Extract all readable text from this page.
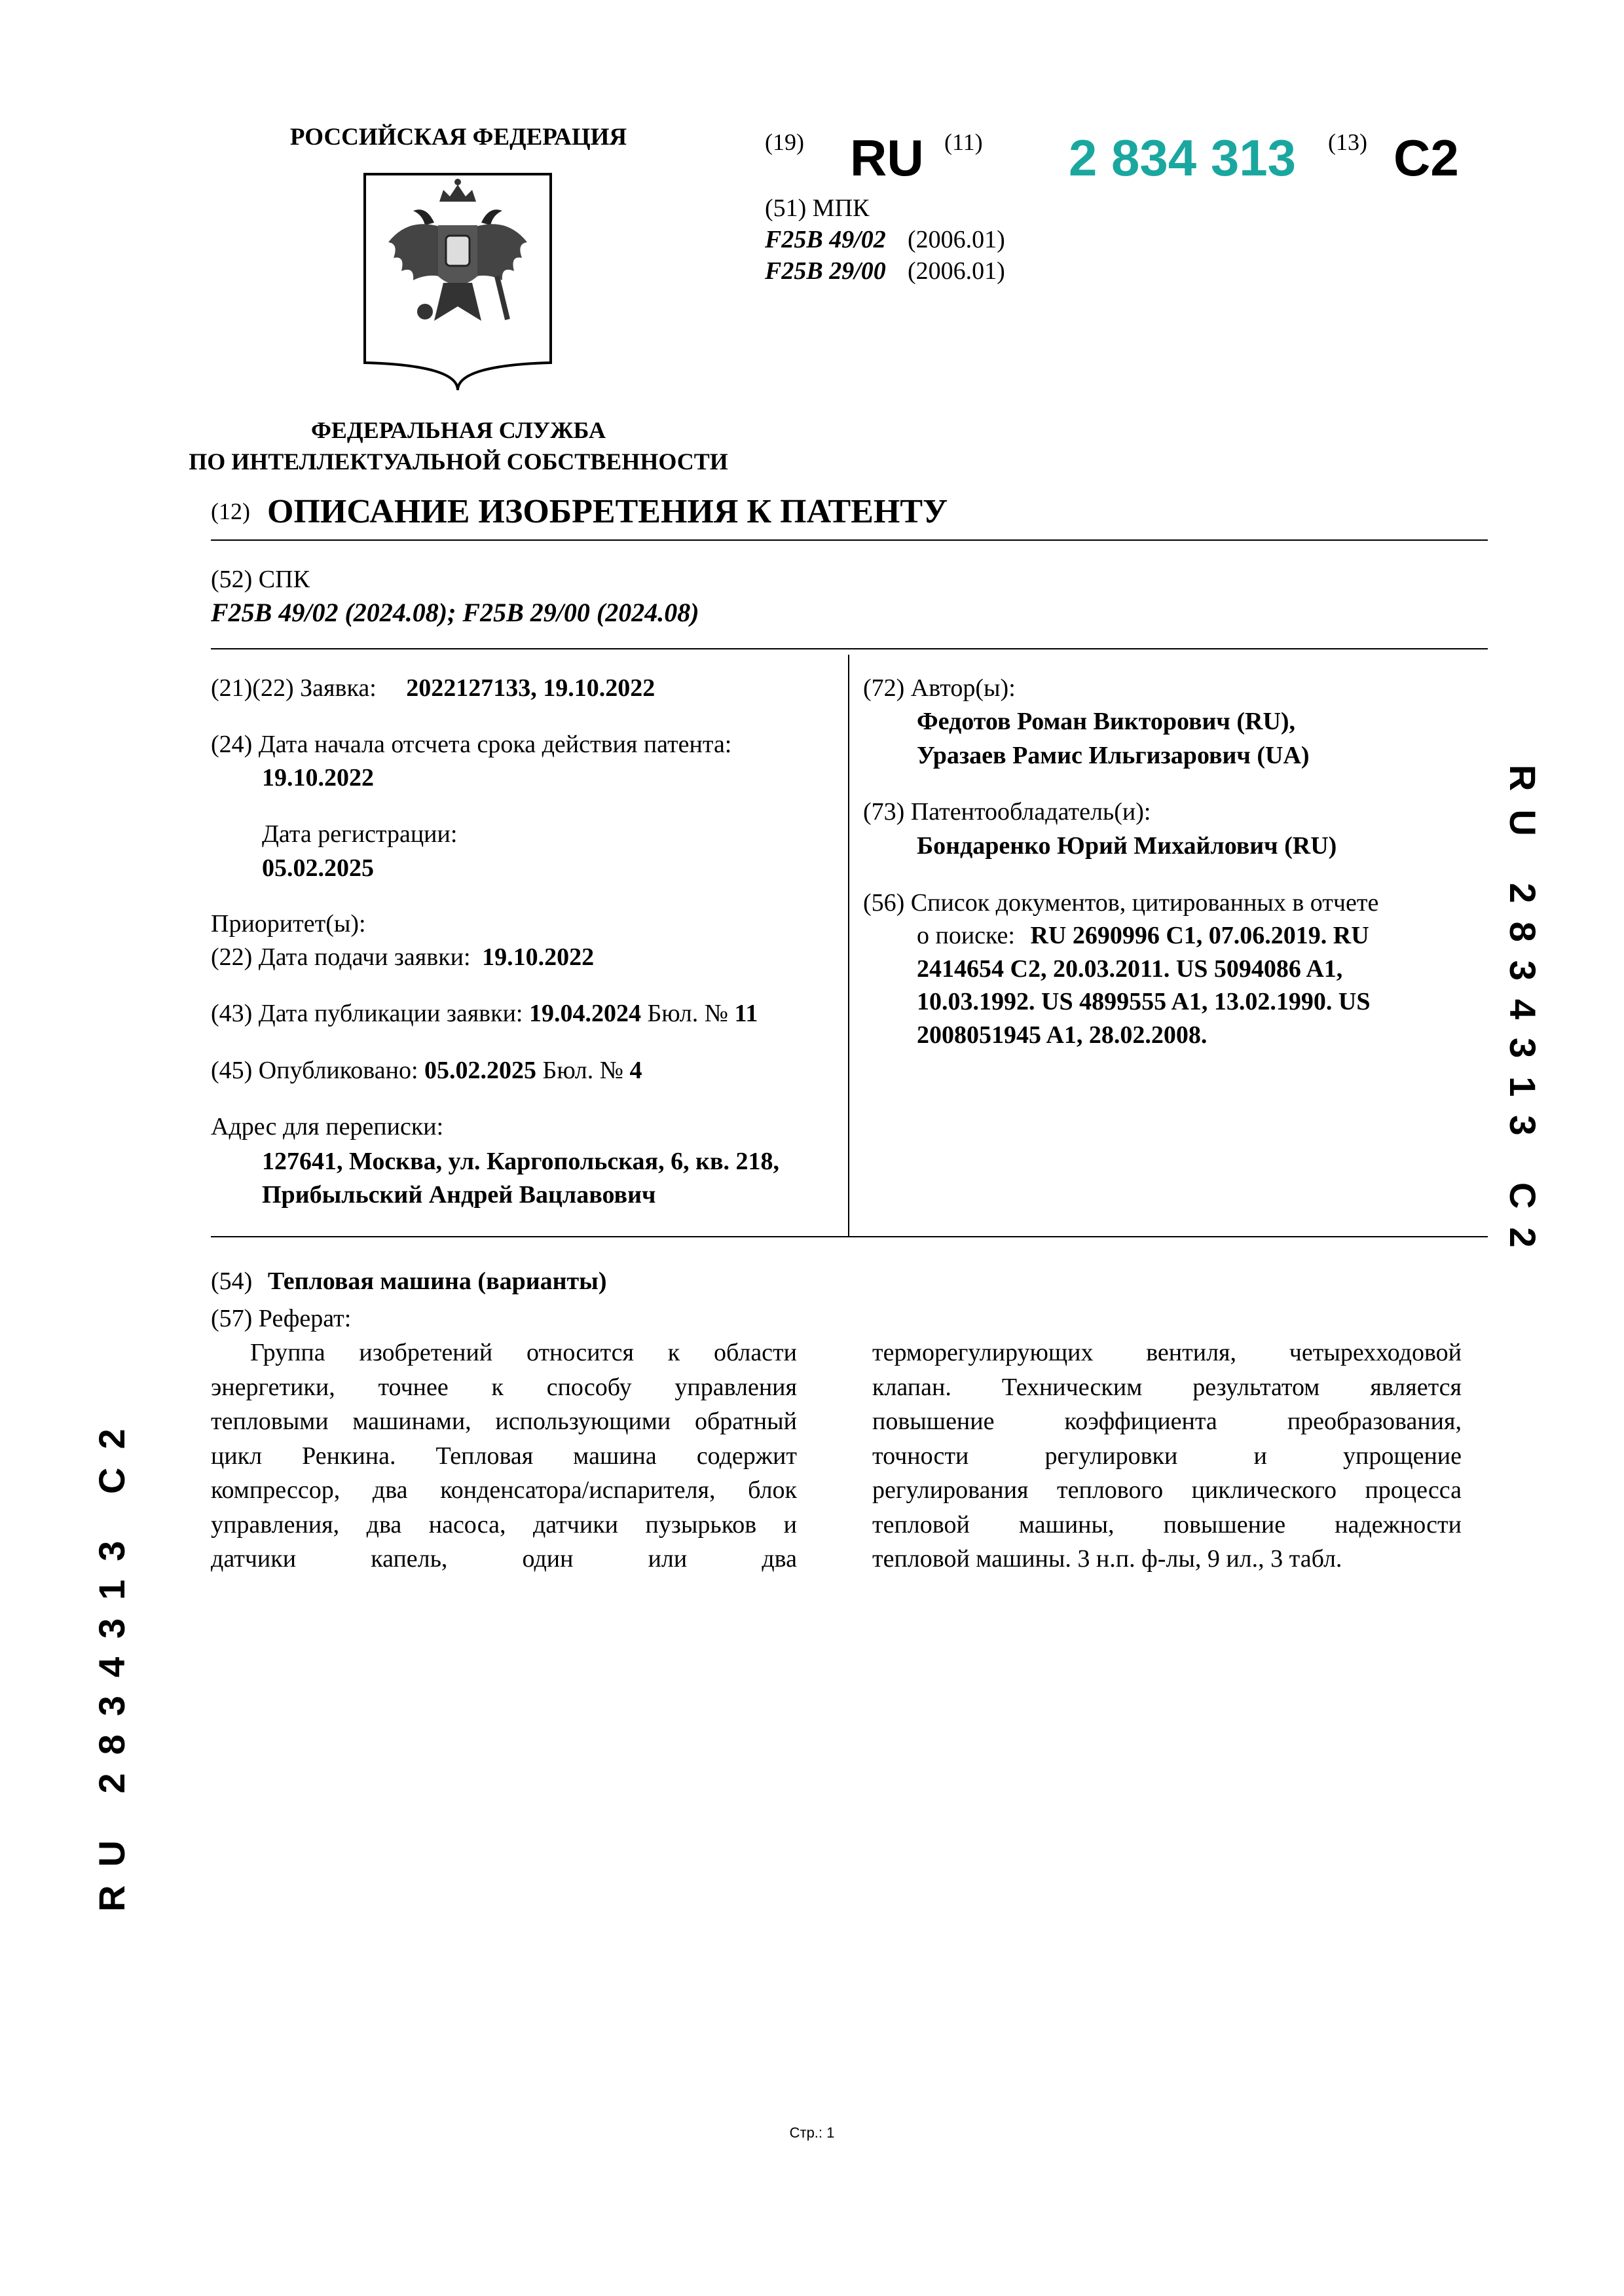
РОССИЙСКАЯ ФЕДЕРАЦИЯ
ФЕДЕРАЛЬНАЯ СЛУЖБА
ПО ИНТЕЛЛЕКТУАЛЬНОЙ СОБСТВЕННОСТИ
(19) RU (11) 2 834 313 (13) C2
(51) МПК
F25B 49/02 (2006.01)
F25B 29/00 (2006.01)
(12) ОПИСАНИЕ ИЗОБРЕТЕНИЯ К ПАТЕНТУ
(52) СПК
F25B 49/02 (2024.08); F25B 29/00 (2024.08)
(21)(22) Заявка: 2022127133, 19.10.2022
(24) Дата начала отсчета срока действия патента:
19.10.2022
Дата регистрации:
05.02.2025
Приоритет(ы):
(22) Дата подачи заявки: 19.10.2022
(43) Дата публикации заявки: 19.04.2024 Бюл. № 11
(45) Опубликовано: 05.02.2025 Бюл. № 4
Адрес для переписки:
127641, Москва, ул. Каргопольская, 6, кв. 218,
Прибыльский Андрей Вацлавович
(72) Автор(ы):
Федотов Роман Викторович (RU),
Уразаев Рамис Ильгизарович (UA)
(73) Патентообладатель(и):
Бондаренко Юрий Михайлович (RU)
(56) Список документов, цитированных в отчете
о поиске: RU 2690996 C1, 07.06.2019. RU
2414654 C2, 20.03.2011. US 5094086 A1,
10.03.1992. US 4899555 A1, 13.02.1990. US
2008051945 A1, 28.02.2008.
(54) Тепловая машина (варианты)
(57) Реферат:
Группа изобретений относится к области
энергетики, точнее к способу управления
тепловыми машинами, использующими обратный
цикл Ренкина. Тепловая машина содержит
компрессор, два конденсатора/испарителя, блок
управления, два насоса, датчики пузырьков и
датчики капель, один или два
терморегулирующих вентиля, четырехходовой
клапан. Техническим результатом является
повышение коэффициента преобразования,
точности регулировки и упрощение
регулирования теплового циклического процесса
тепловой машины, повышение надежности
тепловой машины. 3 н.п. ф-лы, 9 ил., 3 табл.
RU 2834313 C2
RU 2834313 C2
Стр.: 1
